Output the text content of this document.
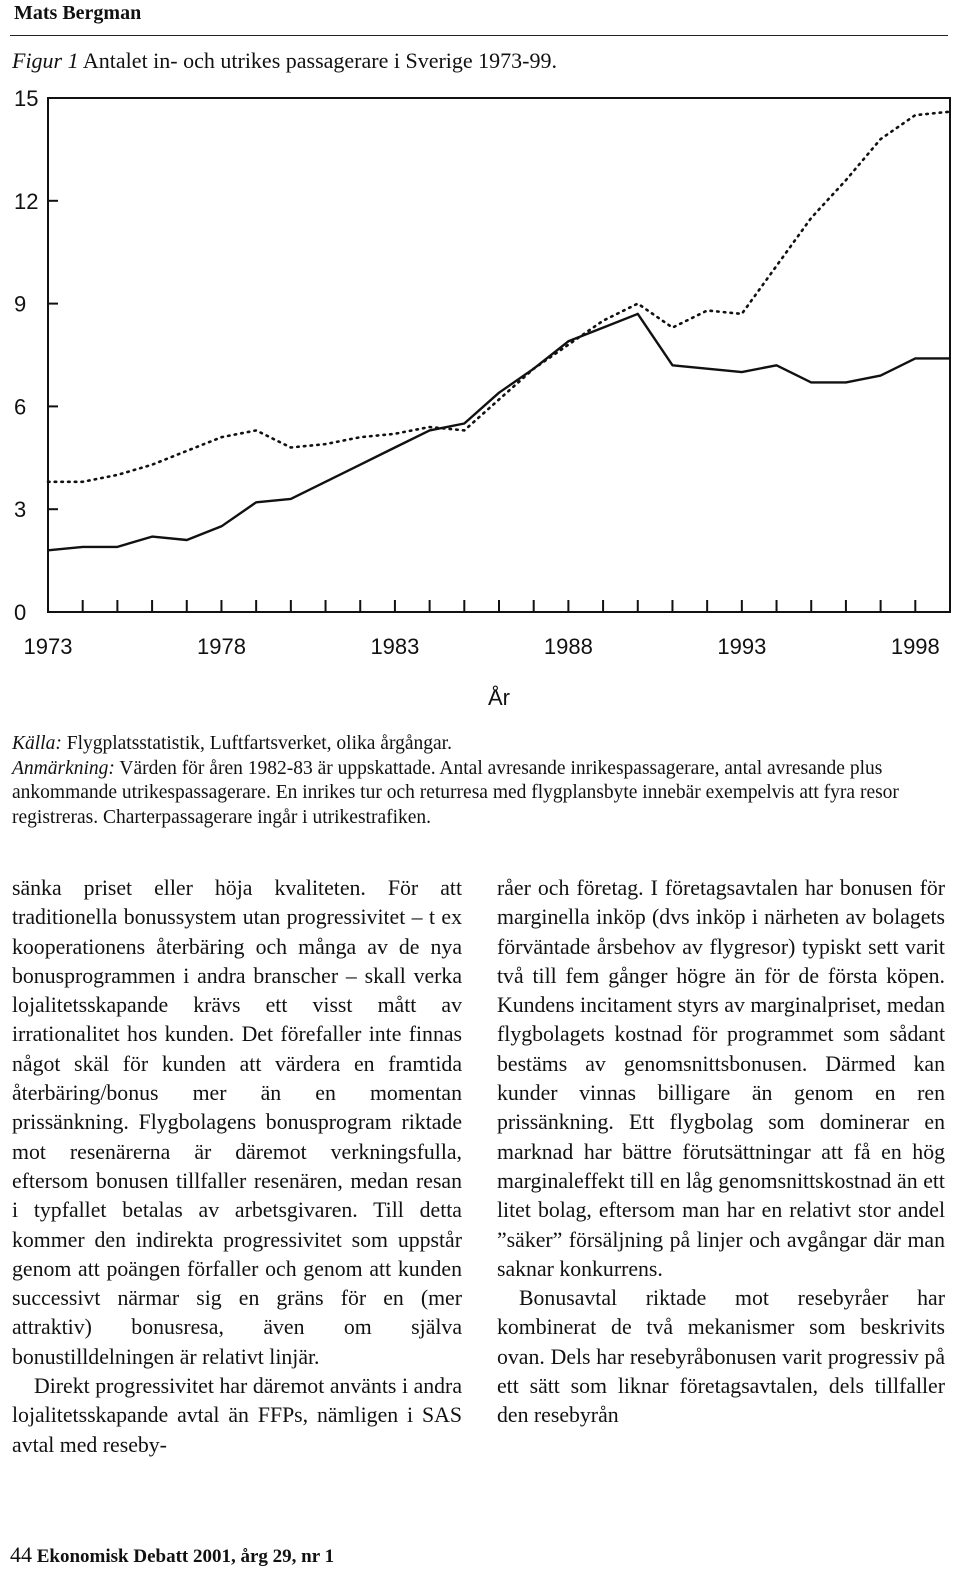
Mats Bergman
Figur 1 Antalet in- och utrikes passagerare i Sverige 1973-99.
0
3
6
9
12
15
1973	1978	1983	1988	1993	1998
År
Källa: Flygplatsstatistik, Luftfartsverket, olika årgångar.
Anmärkning: Värden för åren 1982-83 är uppskattade. Antal avresande inrikespassagerare, antal avresande plus ankommande utrikespassagerare. En inrikes tur och returresa med flygplansbyte innebär exempelvis att fyra resor registreras. Charterpassagerare ingår i utrikestrafiken.

sänka priset eller höja kvaliteten. För att traditionella bonussystem utan progressivitet – t ex kooperationens återbäring och många av de nya bonusprogrammen i andra branscher – skall verka lojalitetsskapande krävs ett visst mått av irrationalitet hos kunden. Det förefaller inte finnas något skäl för kunden att värdera en framtida återbäring/bonus mer än en momentan prissänkning. Flygbolagens bonusprogram riktade mot resenärerna är däremot verkningsfulla, eftersom bonusen tillfaller resenären, medan resan i typfallet betalas av arbetsgivaren. Till detta kommer den indirekta progressivitet som uppstår genom att poängen förfaller och genom att kunden successivt närmar sig en gräns för en (mer attraktiv) bonusresa, även om själva bonustilldelningen är relativt linjär.

Direkt progressivitet har däremot använts i andra lojalitetsskapande avtal än FFPs, nämligen i SAS avtal med reseby-

råer och företag. I företagsavtalen har bonusen för marginella inköp (dvs inköp i närheten av bolagets förväntade årsbehov av flygresor) typiskt sett varit två till fem gånger högre än för de första köpen. Kundens incitament styrs av marginalpriset, medan flygbolagets kostnad för programmet som sådant bestäms av genomsnittsbonusen. Därmed kan kunder vinnas billigare än genom en ren prissänkning. Ett flygbolag som dominerar en marknad har bättre förutsättningar att få en hög marginaleffekt till en låg genomsnittskostnad än ett litet bolag, eftersom man har en relativt stor andel ”säker” försäljning på linjer och avgångar där man saknar konkurrens.

Bonusavtal riktade mot resebyråer har kombinerat de två mekanismer som beskrivits ovan. Dels har resebyråbonusen varit progressiv på ett sätt som liknar företagsavtalen, dels tillfaller den resebyrån

44 Ekonomisk Debatt 2001, årg 29, nr 1
